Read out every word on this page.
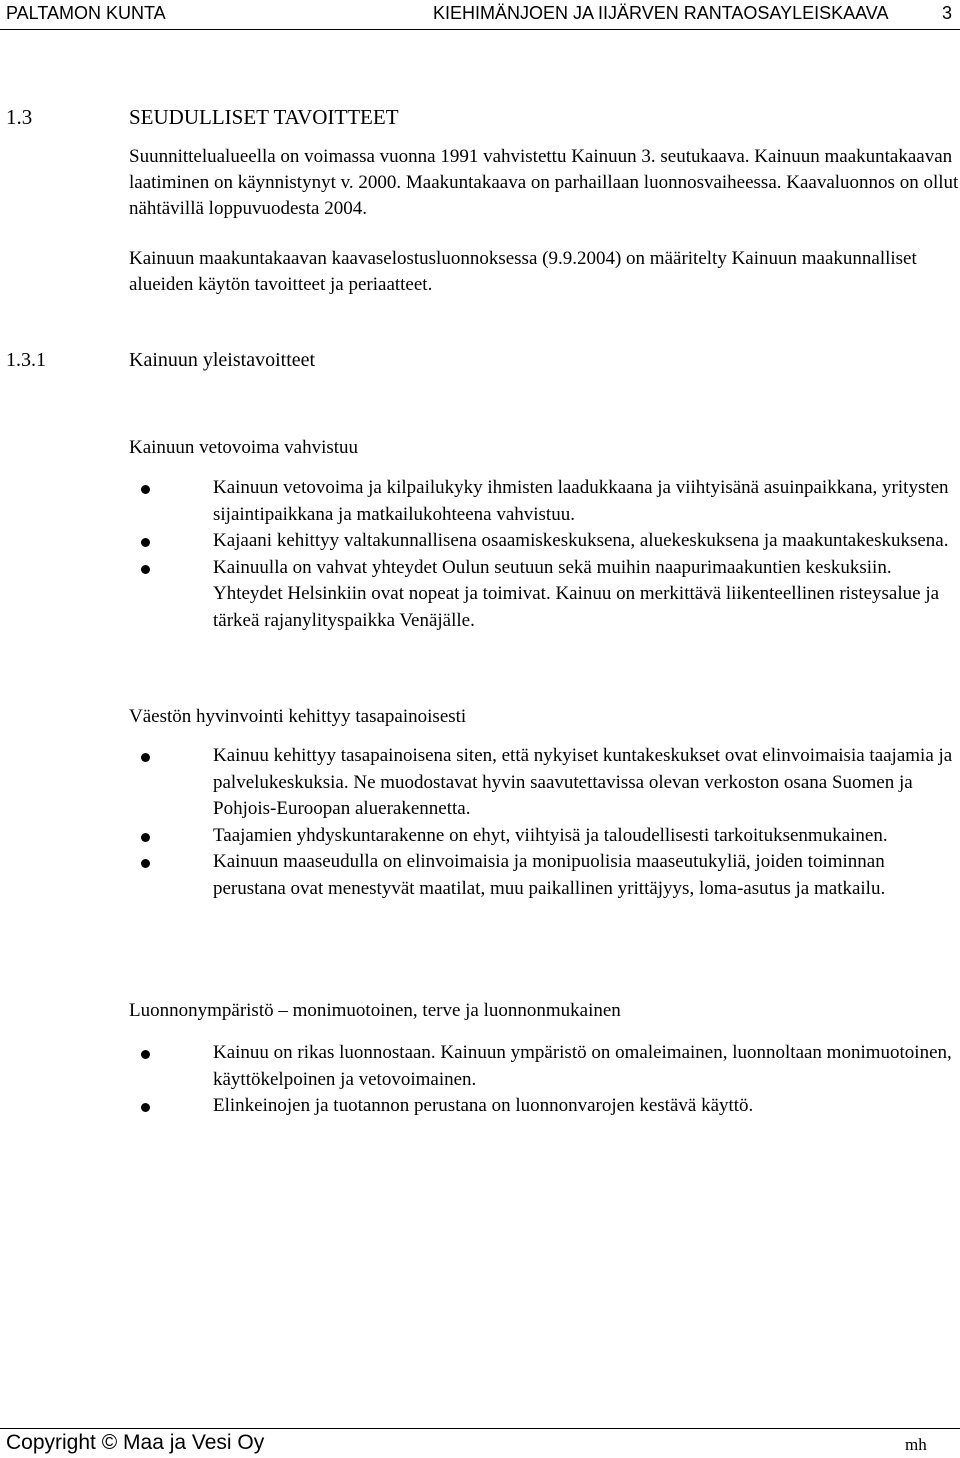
PALTAMON KUNTA	KIEHIMÄNJOEN JA IIJÄRVEN RANTAOSAYLEISKAAVA	3
1.3	SEUDULLISET TAVOITTEET

Suunnittelualueella on voimassa vuonna 1991 vahvistettu Kainuun 3. seutukaava. Kainuun maakuntakaavan laatiminen on käynnistynyt v. 2000. Maakuntakaava on parhaillaan luonnosvaiheessa. Kaavaluonnos on ollut nähtävillä loppuvuodesta 2004.

Kainuun maakuntakaavan kaavaselostusluonnoksessa (9.9.2004) on määritelty Kainuun maakunnalliset alueiden käytön tavoitteet ja periaatteet.

1.3.1	Kainuun yleistavoitteet
Kainuun vetovoima vahvistuu
Kainuun vetovoima ja kilpailukyky ihmisten laadukkaana ja viihtyisänä asuinpaikkana, yritysten sijaintipaikkana ja matkailukohteena vahvistuu.
Kajaani kehittyy valtakunnallisena osaamiskeskuksena, aluekeskuksena ja maakuntakeskuksena.
Kainuulla on vahvat yhteydet Oulun seutuun sekä muihin naapurimaakuntien keskuksiin. Yhteydet Helsinkiin ovat nopeat ja toimivat. Kainuu on merkittävä liikenteellinen risteysalue ja tärkeä rajanylityspaikka Venäjälle.
Väestön hyvinvointi kehittyy tasapainoisesti
Kainuu kehittyy tasapainoisena siten, että nykyiset kuntakeskukset ovat elinvoimaisia taajamia ja palvelukeskuksia. Ne muodostavat hyvin saavutettavissa olevan verkoston osana Suomen ja Pohjois-Euroopan aluerakennetta.
Taajamien yhdyskuntarakenne on ehyt, viihtyisä ja taloudellisesti tarkoituksenmukainen.
Kainuun maaseudulla on elinvoimaisia ja monipuolisia maaseutukyliä, joiden toiminnan perustana ovat menestyvät maatilat, muu paikallinen yrittäjyys, loma-asutus ja matkailu.
Luonnonympäristö – monimuotoinen, terve ja luonnonmukainen
Kainuu on rikas luonnostaan. Kainuun ympäristö on omaleimainen, luonnoltaan monimuotoinen, käyttökelpoinen ja vetovoimainen.
Elinkeinojen ja tuotannon perustana on luonnonvarojen kestävä käyttö.
Copyright © Maa ja Vesi Oy	mh
